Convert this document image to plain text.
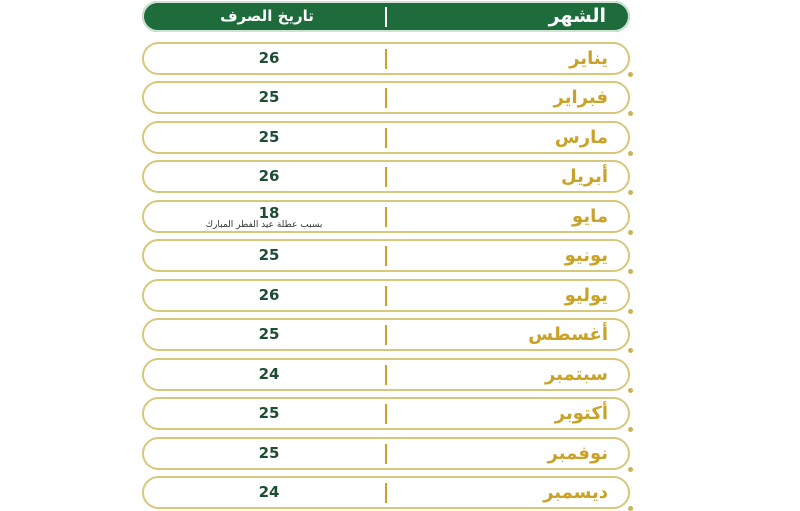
الشهر
تاريخ الصرف
يناير
26
فبراير
25
مارس
25
أبريل
26
مايو
18
بسبب عطلة عيد الفطر المبارك
يونيو
25
يوليو
26
أغسطس
25
سبتمبر
24
أكتوبر
25
نوفمبر
25
ديسمبر
24
